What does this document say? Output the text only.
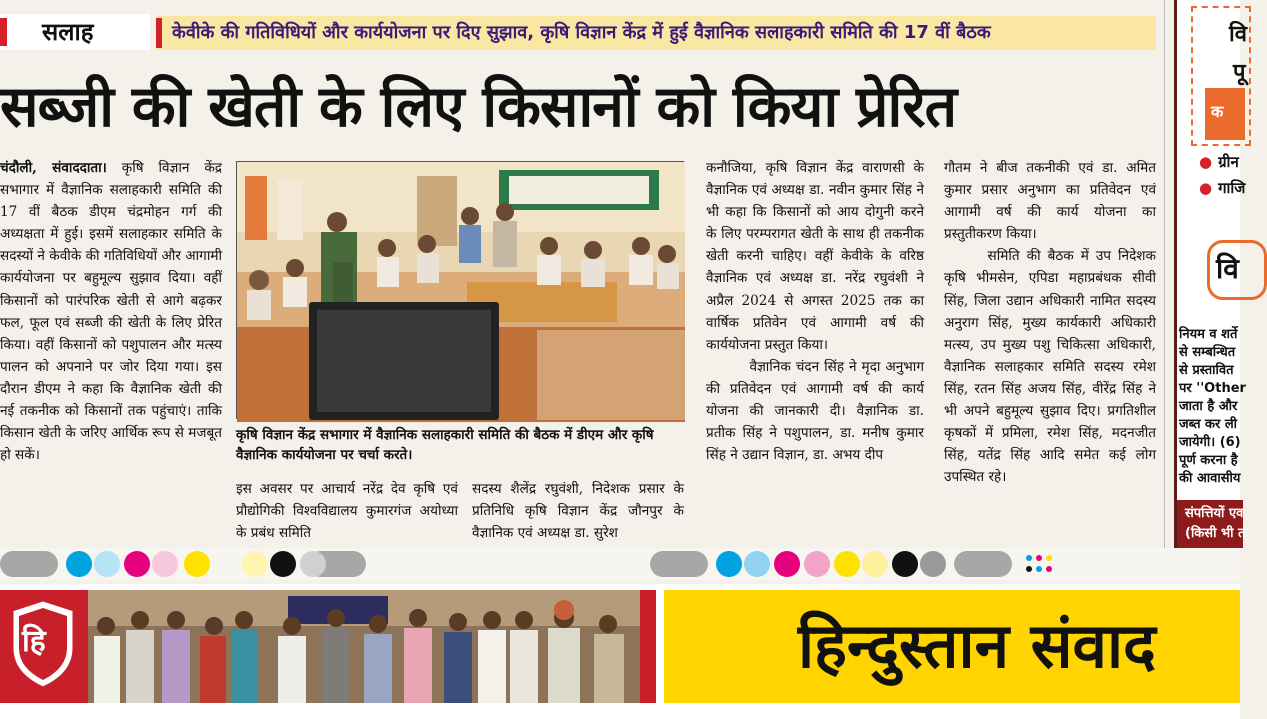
सलाह	केवीके की गतिविधियों और कार्ययोजना पर दिए सुझाव, कृषि विज्ञान केंद्र में हुई वैज्ञानिक सलाहकारी समिति की 17 वीं बैठक
सब्जी की खेती के लिए किसानों को किया प्रेरित

चंदौली, संवाददाता। कृषि विज्ञान केंद्र सभागार में वैज्ञानिक सलाहकारी समिति की 17 वीं बैठक डीएम चंद्रमोहन गर्ग की अध्यक्षता में हुई। इसमें सलाहकार समिति के सदस्यों ने केवीके की गतिविधियों और आगामी कार्ययोजना पर बहुमूल्य सुझाव दिया। वहीं किसानों को पारंपरिक खेती से आगे बढ़कर फल, फूल एवं सब्जी की खेती के लिए प्रेरित किया। वहीं किसानों को पशुपालन और मत्स्य पालन को अपनाने पर जोर दिया गया। इस दौरान डीएम ने कहा कि वैज्ञानिक खेती की नई तकनीक को किसानों तक पहुंचाएं। ताकि किसान खेती के जरिए आर्थिक रूप से मजबूत हो सकें।

कृषि विज्ञान केंद्र सभागार में वैज्ञानिक सलाहकारी समिति की बैठक में डीएम और कृषि वैज्ञानिक कार्ययोजना पर चर्चा करते।

इस अवसर पर आचार्य नरेंद्र देव कृषि एवं प्रौद्योगिकी विश्वविद्यालय कुमारगंज अयोध्या के प्रबंध समिति

सदस्य शैलेंद्र रघुवंशी, निदेशक प्रसार के प्रतिनिधि कृषि विज्ञान केंद्र जौनपुर के वैज्ञानिक एवं अध्यक्ष डा. सुरेश

कनौजिया, कृषि विज्ञान केंद्र वाराणसी के वैज्ञानिक एवं अध्यक्ष डा. नवीन कुमार सिंह ने भी कहा कि किसानों को आय दोगुनी करने के लिए परम्परागत खेती के साथ ही तकनीक खेती करनी चाहिए। वहीं केवीके के वरिष्ठ वैज्ञानिक एवं अध्यक्ष डा. नरेंद्र रघुवंशी ने अप्रैल 2024 से अगस्त 2025 तक का वार्षिक प्रतिवेन एवं आगामी वर्ष की कार्ययोजना प्रस्तुत किया।

वैज्ञानिक चंदन सिंह ने मृदा अनुभाग की प्रतिवेदन एवं आगामी वर्ष की कार्य योजना की जानकारी दी। वैज्ञानिक डा. प्रतीक सिंह ने पशुपालन, डा. मनीष कुमार सिंह ने उद्यान विज्ञान, डा. अभय दीप

गौतम ने बीज तकनीकी एवं डा. अमित कुमार प्रसार अनुभाग का प्रतिवेदन एवं आगामी वर्ष की कार्य योजना का प्रस्तुतीकरण किया।

समिति की बैठक में उप निदेशक कृषि भीमसेन, एपिडा महाप्रबंधक सीवी सिंह, जिला उद्यान अधिकारी नामित सदस्य अनुराग सिंह, मुख्य कार्यकारी अधिकारी मत्स्य, उप मुख्य पशु चिकित्सा अधिकारी, वैज्ञानिक सलाहकार समिति सदस्य रमेश सिंह, रतन सिंह अजय सिंह, वीरेंद्र सिंह ने भी अपने बहुमूल्य सुझाव दिए। प्रगतिशील कृषकों में प्रमिला, रमेश सिंह, मदनजीत सिंह, यतेंद्र सिंह आदि समेत कई लोग उपस्थित रहे।

वि
पू
क
● ग्रीन
● गाजि
वि
नियम व शर्ते
से सम्बन्धित
से प्रस्तावित
पर ''Other
जाता है और
जब्त कर ली
जायेगी। (6)
पूर्ण करना है
की आवासीय
संपत्तियों एव
(किसी भी त
हि	हिन्दुस्तान संवाद
